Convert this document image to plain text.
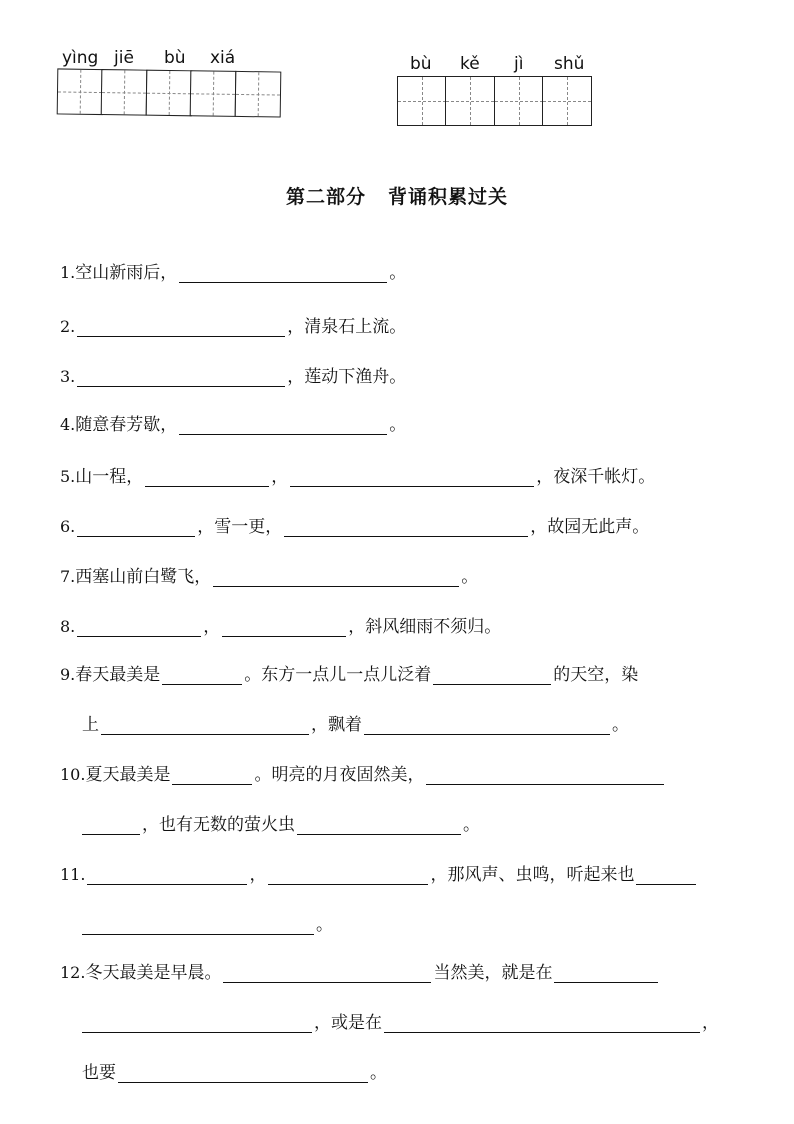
yìng jiē bù xiá	bù kě jì shǔ
第二部分 背诵积累过关
1.空山新雨后，	。
2.	，清泉石上流。
3.	，莲动下渔舟。
4.随意春芳歇，	。
5.山一程，	，	，夜深千帐灯。
6.	，雪一更，	，故园无此声。
7.西塞山前白鹭飞，	。
8.	，	，斜风细雨不须归。
9.春天最美是	。东方一点儿一点儿泛着	的天空，染
上	，飘着	。
10.夏天最美是	。明亮的月夜固然美，
，也有无数的萤火虫	。
11.	，	，那风声、虫鸣，听起来也
。
12.冬天最美是早晨。	当然美，就是在
，或是在	，
也要	。
